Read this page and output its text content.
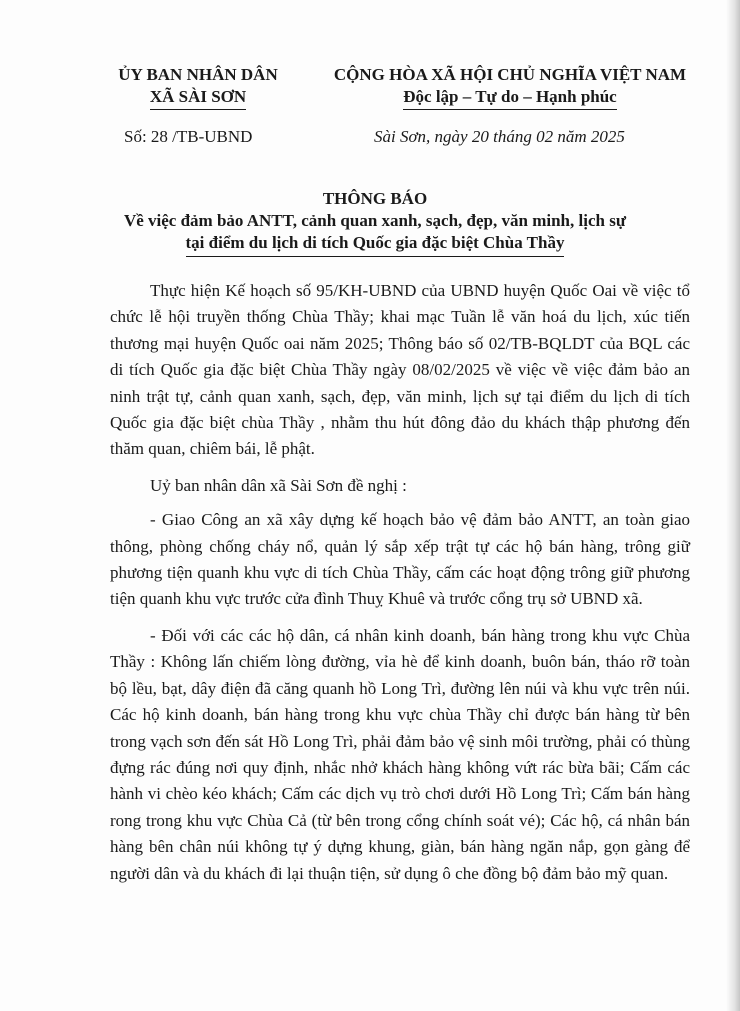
ỦY BAN NHÂN DÂN
XÃ SÀI SƠN
CỘNG HÒA XÃ HỘI CHỦ NGHĨA VIỆT NAM
Độc lập – Tự do – Hạnh phúc
Số: 28 /TB-UBND	Sài Sơn, ngày 20 tháng 02 năm 2025
THÔNG BÁO
Về việc đảm bảo ANTT, cảnh quan xanh, sạch, đẹp, văn minh, lịch sự
tại điểm du lịch di tích Quốc gia đặc biệt Chùa Thầy

Thực hiện Kế hoạch số 95/KH-UBND của UBND huyện Quốc Oai về việc tổ chức lễ hội truyền thống Chùa Thầy; khai mạc Tuần lễ văn hoá du lịch, xúc tiến thương mại huyện Quốc oai năm 2025; Thông báo số 02/TB-BQLDT của BQL các di tích Quốc gia đặc biệt Chùa Thầy ngày 08/02/2025 về việc về việc đảm bảo an ninh trật tự, cảnh quan xanh, sạch, đẹp, văn minh, lịch sự tại điểm du lịch di tích Quốc gia đặc biệt chùa Thầy , nhằm thu hút đông đảo du khách thập phương đến thăm quan, chiêm bái, lễ phật.

Uỷ ban nhân dân xã Sài Sơn đề nghị :

- Giao Công an xã xây dựng kế hoạch bảo vệ đảm bảo ANTT, an toàn giao thông, phòng chống cháy nổ, quản lý sắp xếp trật tự các hộ bán hàng, trông giữ phương tiện quanh khu vực di tích Chùa Thầy, cấm các hoạt động trông giữ phương tiện quanh khu vực trước cửa đình Thuỵ Khuê và trước cổng trụ sở UBND xã.

- Đối với các các hộ dân, cá nhân kinh doanh, bán hàng trong khu vực Chùa Thầy : Không lấn chiếm lòng đường, vỉa hè để kinh doanh, buôn bán, tháo rỡ toàn bộ lều, bạt, dây điện đã căng quanh hồ Long Trì, đường lên núi và khu vực trên núi. Các hộ kinh doanh, bán hàng trong khu vực chùa Thầy chỉ được bán hàng từ bên trong vạch sơn đến sát Hồ Long Trì, phải đảm bảo vệ sinh môi trường, phải có thùng đựng rác đúng nơi quy định, nhắc nhở khách hàng không vứt rác bừa bãi; Cấm các hành vi chèo kéo khách; Cấm các dịch vụ trò chơi dưới Hồ Long Trì; Cấm bán hàng rong trong khu vực Chùa Cả (từ bên trong cổng chính soát vé); Các hộ, cá nhân bán hàng bên chân núi không tự ý dựng khung, giàn, bán hàng ngăn nắp, gọn gàng để người dân và du khách đi lại thuận tiện, sử dụng ô che đồng bộ đảm bảo mỹ quan.
